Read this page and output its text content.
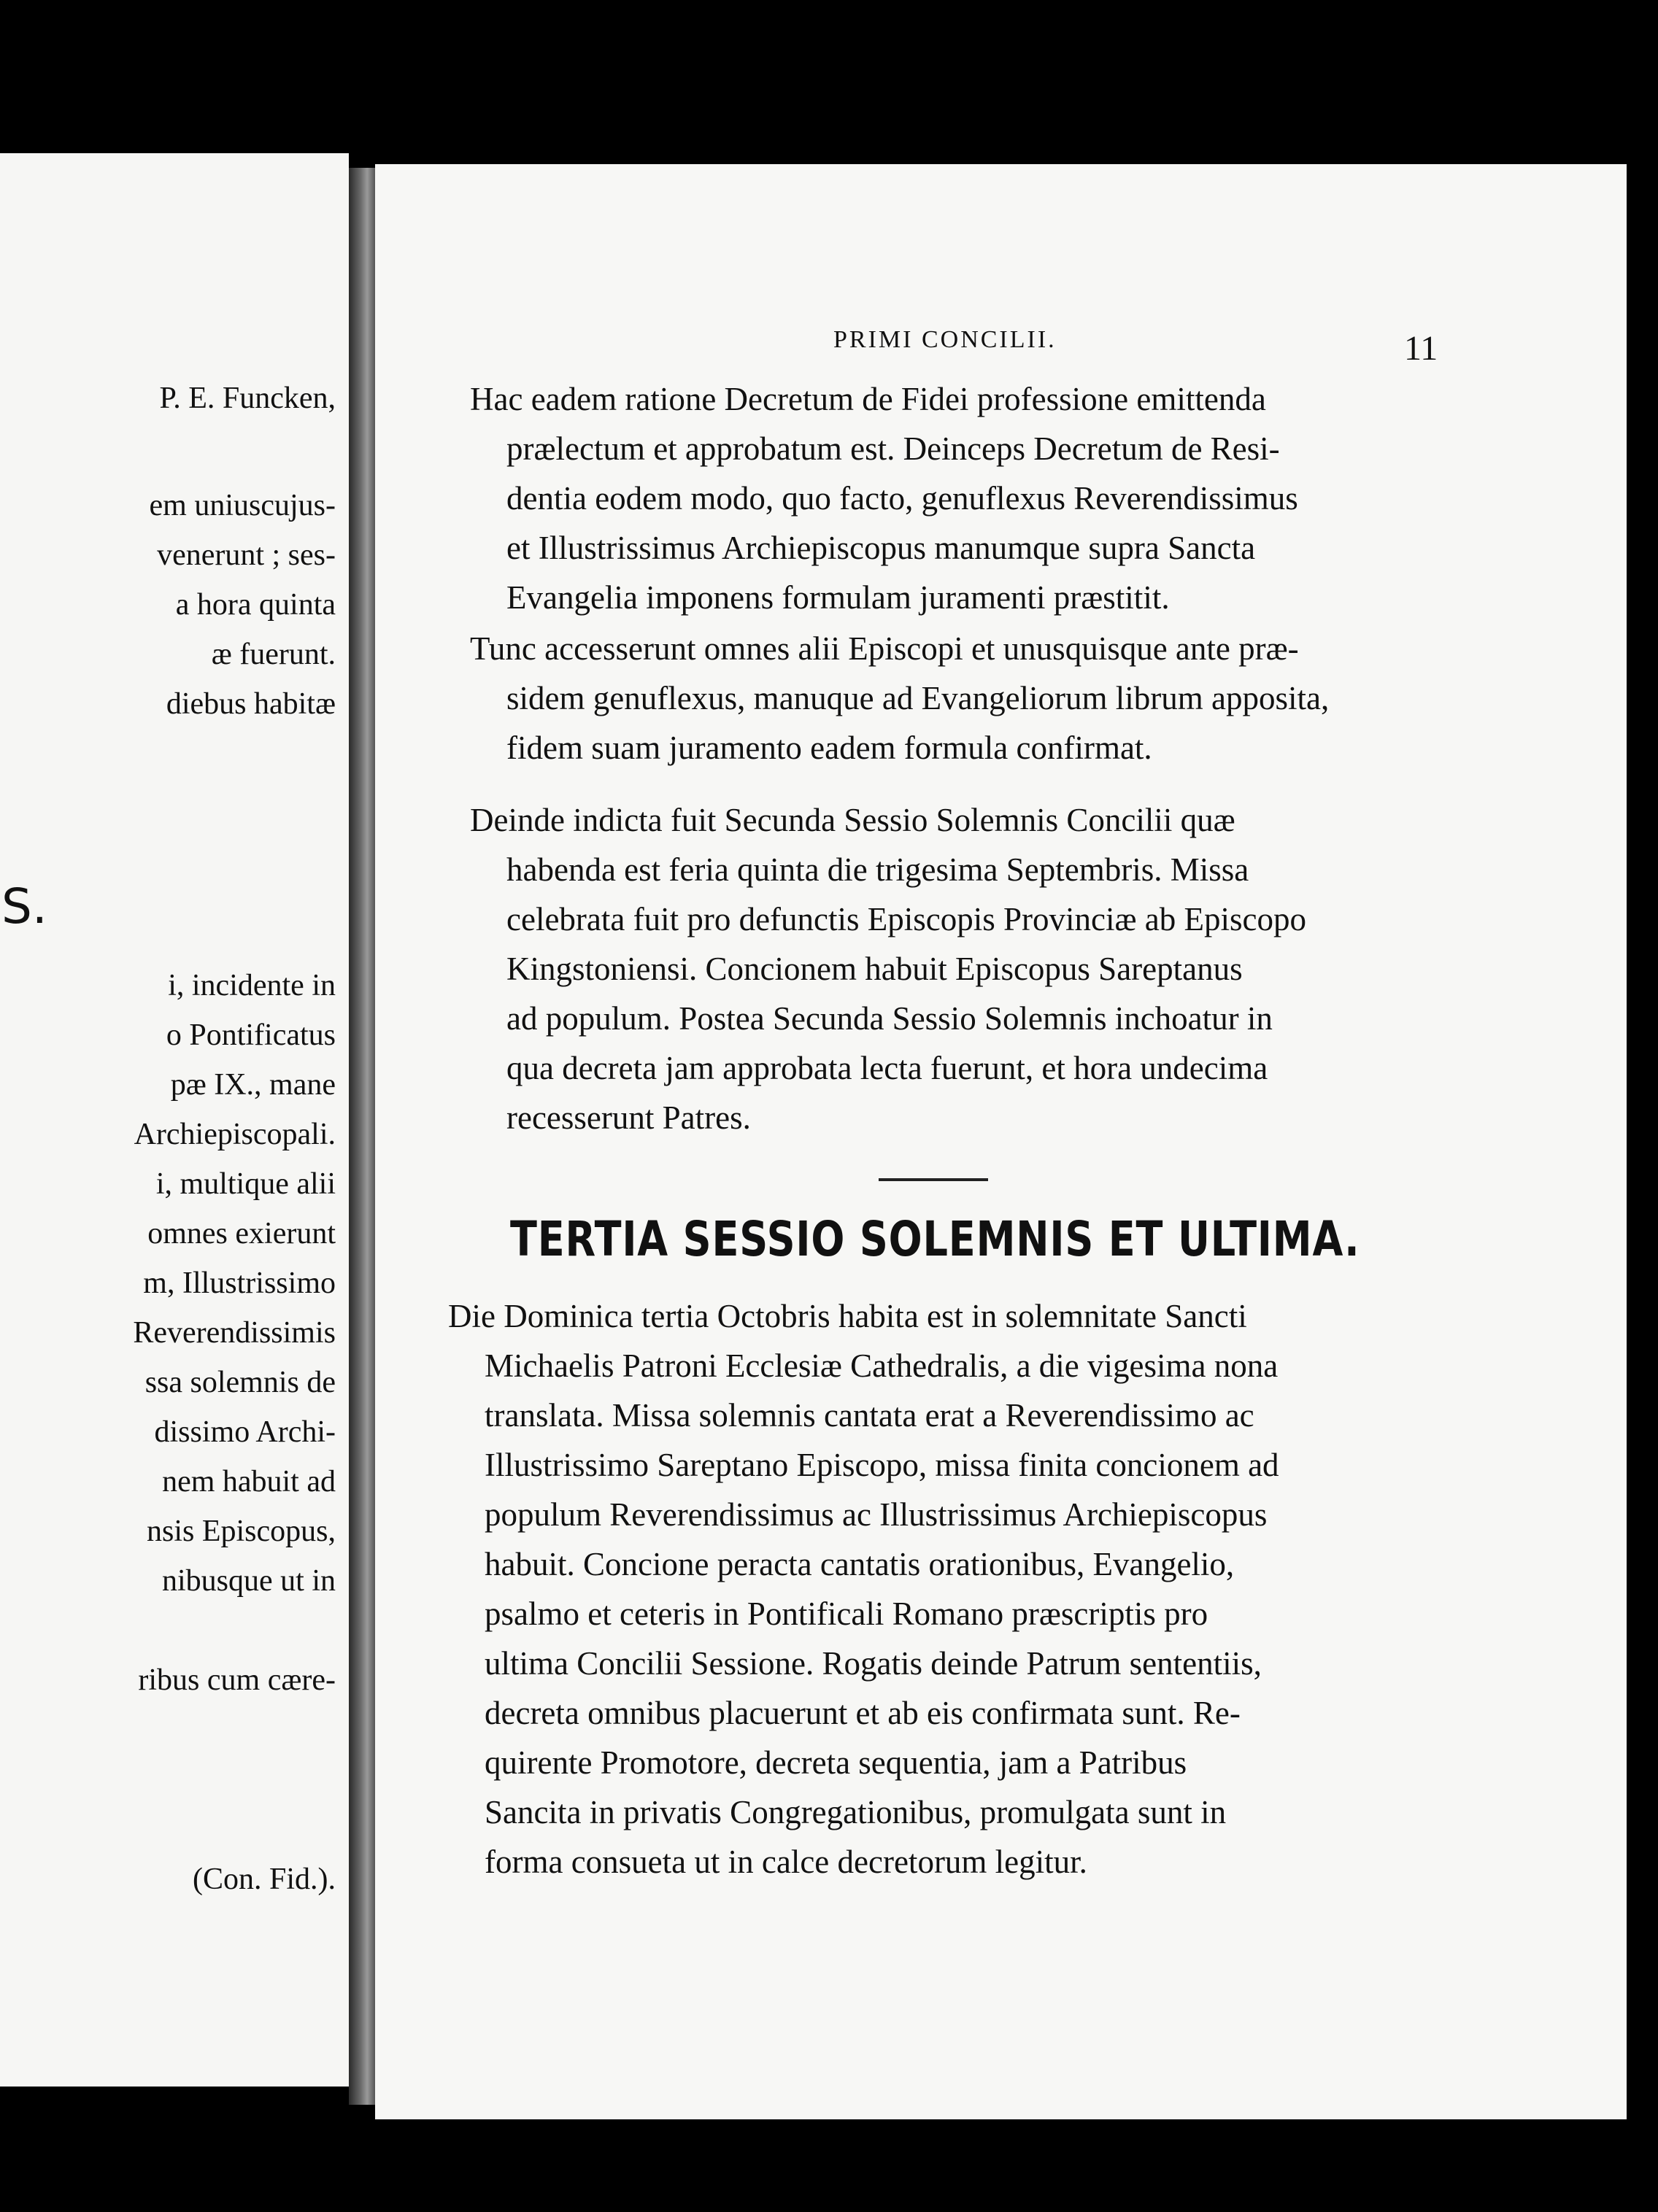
P. E. Funcken,
em uniuscujus-
venerunt ; ses-
a hora quinta
æ fuerunt.
diebus habitæ
S.
i, incidente in
o Pontificatus
pæ IX., mane
Archiepiscopali.
i, multique alii
omnes exierunt
m, Illustrissimo
Reverendissimis
ssa solemnis de
dissimo Archi-
nem habuit ad
nsis Episcopus,
nibusque ut in
ribus cum cære-
(Con. Fid.).
PRIMI CONCILII.	11
Hac eadem ratione Decretum de Fidei professione emittenda
prælectum et approbatum est. Deinceps Decretum de Resi-
dentia eodem modo, quo facto, genuflexus Reverendissimus
et Illustrissimus Archiepiscopus manumque supra Sancta
Evangelia imponens formulam juramenti præstitit.
Tunc accesserunt omnes alii Episcopi et unusquisque ante præ-
sidem genuflexus, manuque ad Evangeliorum librum apposita,
fidem suam juramento eadem formula confirmat.
Deinde indicta fuit Secunda Sessio Solemnis Concilii quæ
habenda est feria quinta die trigesima Septembris. Missa
celebrata fuit pro defunctis Episcopis Provinciæ ab Episcopo
Kingstoniensi. Concionem habuit Episcopus Sareptanus
ad populum. Postea Secunda Sessio Solemnis inchoatur in
qua decreta jam approbata lecta fuerunt, et hora undecima
recesserunt Patres.
TERTIA SESSIO SOLEMNIS ET ULTIMA.
Die Dominica tertia Octobris habita est in solemnitate Sancti
Michaelis Patroni Ecclesiæ Cathedralis, a die vigesima nona
translata. Missa solemnis cantata erat a Reverendissimo ac
Illustrissimo Sareptano Episcopo, missa finita concionem ad
populum Reverendissimus ac Illustrissimus Archiepiscopus
habuit. Concione peracta cantatis orationibus, Evangelio,
psalmo et ceteris in Pontificali Romano præscriptis pro
ultima Concilii Sessione. Rogatis deinde Patrum sententiis,
decreta omnibus placuerunt et ab eis confirmata sunt. Re-
quirente Promotore, decreta sequentia, jam a Patribus
Sancita in privatis Congregationibus, promulgata sunt in
forma consueta ut in calce decretorum legitur.
